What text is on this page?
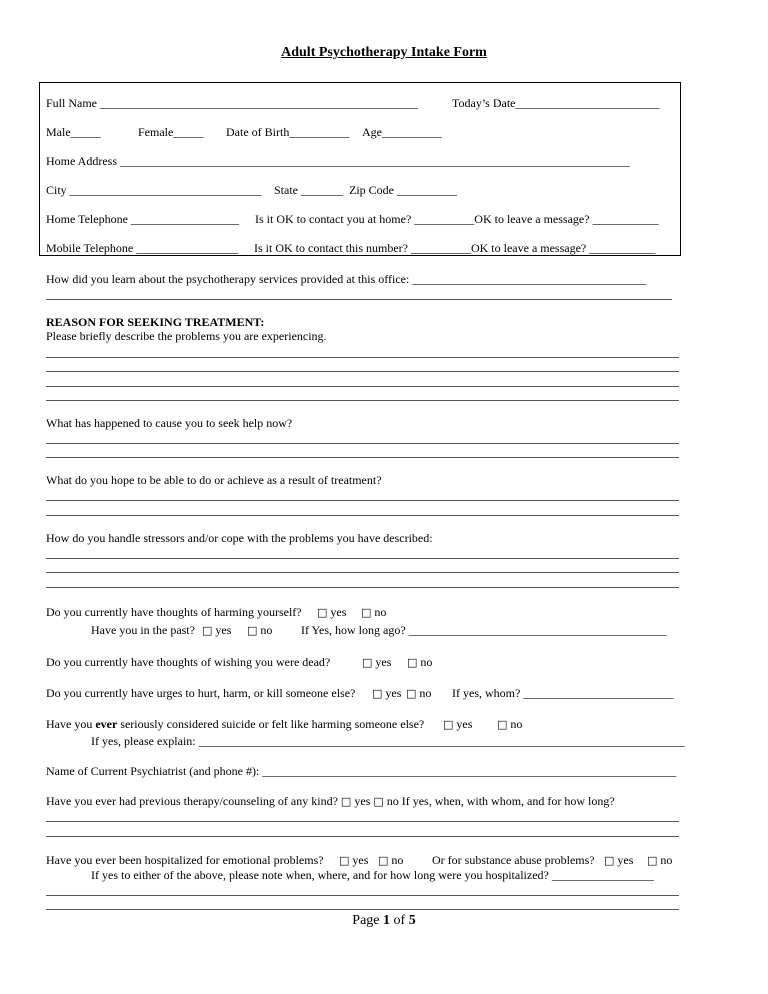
Adult Psychotherapy Intake Form
Full Name _____________________________________________________	Today’s Date________________________
Male_____	Female_____ Date of Birth__________ Age__________
Home Address _____________________________________________________________________________________
City ________________________________ State _______ Zip Code __________
Home Telephone __________________ Is it OK to contact you at home? __________OK to leave a message? ___________
Mobile Telephone _________________ Is it OK to contact this number? __________OK to leave a message? ___________
How did you learn about the psychotherapy services provided at this office: _______________________________________
REASON FOR SEEKING TREATMENT:
Please briefly describe the problems you are experiencing.
What has happened to cause you to seek help now?
What do you hope to be able to do or achieve as a result of treatment?
How do you handle stressors and/or cope with the problems you have described:
Do you currently have thoughts of harming yourself? □ yes □ no
Have you in the past? □ yes □ no If Yes, how long ago? ___________________________________________
Do you currently have thoughts of wishing you were dead?	□ yes □ no
Do you currently have urges to hurt, harm, or kill someone else? □ yes □ no If yes, whom? _________________________
Have you ever seriously considered suicide or felt like harming someone else? □ yes □ no
If yes, please explain: _________________________________________________________________________________
Name of Current Psychiatrist (and phone #): _____________________________________________________________________
Have you ever had previous therapy/counseling of any kind? □ yes □ no If yes, when, with whom, and for how long?
Have you ever been hospitalized for emotional problems? □ yes □ no Or for substance abuse problems? □ yes □ no
If yes to either of the above, please note when, where, and for how long were you hospitalized? _________________
Page 1 of 5
